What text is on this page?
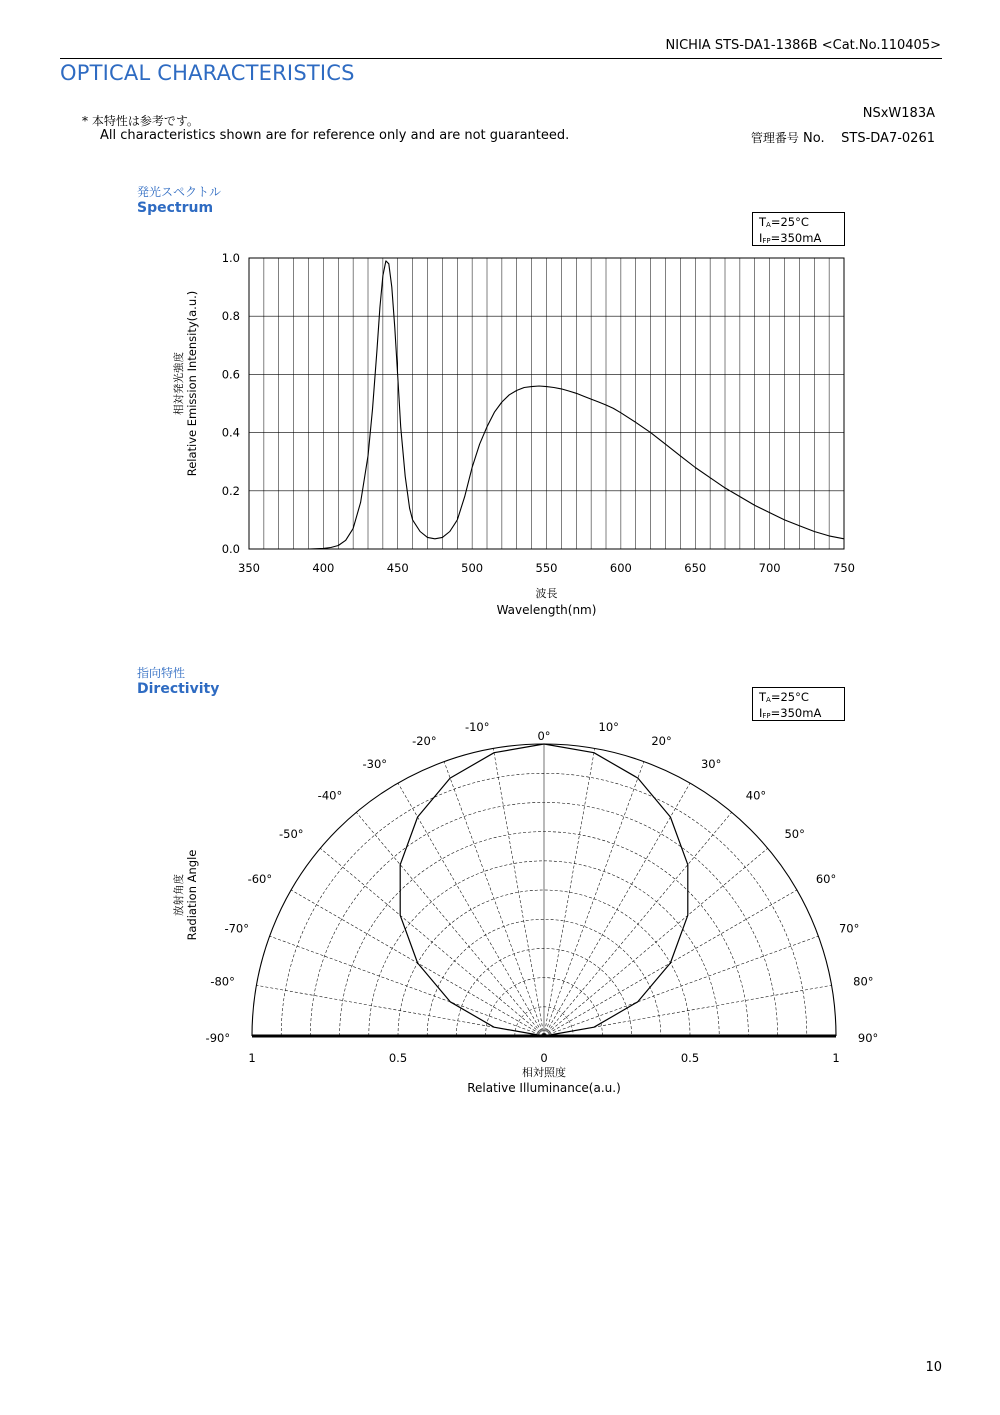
NICHIA STS-DA1-1386B <Cat.No.110405>
OPTICAL CHARACTERISTICS
* 本特性は参考です。
All characteristics shown are for reference only and are not guaranteed.
NSxW183A
管理番号 No. STS-DA7-0261
発光スペクトル
Spectrum
$T_A=25^\circ C$
$I_{FP}=350mA$
指向特性
Directivity	$T_A=25^\circ C$
$I_{FP}=350mA$
350	400	450	500	550	600	650	700	750
0.0
0.2
0.4
0.6
0.8
1.0
波長
Wavelength(nm)
相対発光強度 Relative Emission Intensity(a.u.)
-90°
-80°
-70°
-60°
-50°
-40°
-30°
-20°
-10°
0°
10°
20°
30°
40°
50°
60°
70°
80°
90°
1	0.5	0	0.5	1
相対照度
Relative Illuminance(a.u.)
放射角度 Radiation Angle
10
